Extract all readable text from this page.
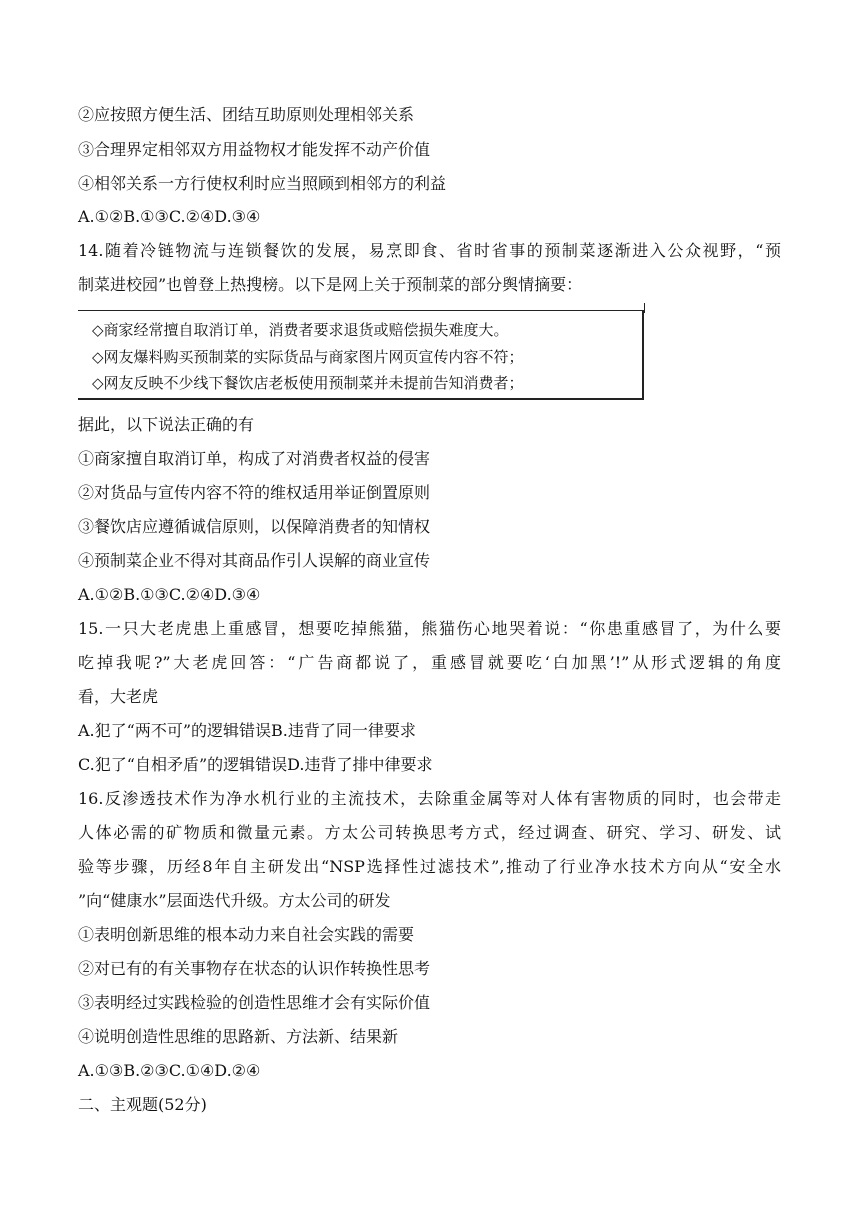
②应按照方便生活、团结互助原则处理相邻关系
③合理界定相邻双方用益物权才能发挥不动产价值
④相邻关系一方行使权利时应当照顾到相邻方的利益
A.①②B.①③C.②④D.③④
14.随着冷链物流与连锁餐饮的发展，易烹即食、省时省事的预制菜逐渐进入公众视野，“预
制菜进校园”也曾登上热搜榜。以下是网上关于预制菜的部分舆情摘要：
◇商家经常擅自取消订单，消费者要求退货或赔偿损失难度大。
◇网友爆料购买预制菜的实际货品与商家图片网页宣传内容不符；
◇网友反映不少线下餐饮店老板使用预制菜并未提前告知消费者；
据此，以下说法正确的有
①商家擅自取消订单，构成了对消费者权益的侵害
②对货品与宣传内容不符的维权适用举证倒置原则
③餐饮店应遵循诚信原则，以保障消费者的知情权
④预制菜企业不得对其商品作引人误解的商业宣传
A.①②B.①③C.②④D.③④
15.一只大老虎患上重感冒，想要吃掉熊猫，熊猫伤心地哭着说：“你患重感冒了，为什么要
吃掉我呢?”大老虎回答：“广告商都说了，重感冒就要吃‘白加黑’!”从形式逻辑的角度
看，大老虎
A.犯了“两不可”的逻辑错误B.违背了同一律要求
C.犯了“自相矛盾”的逻辑错误D.违背了排中律要求
16.反渗透技术作为净水机行业的主流技术，去除重金属等对人体有害物质的同时，也会带走
人体必需的矿物质和微量元素。方太公司转换思考方式，经过调查、研究、学习、研发、试
验等步骤，历经8年自主研发出“NSP选择性过滤技术”,推动了行业净水技术方向从“安全水
”向“健康水”层面迭代升级。方太公司的研发
①表明创新思维的根本动力来自社会实践的需要
②对已有的有关事物存在状态的认识作转换性思考
③表明经过实践检验的创造性思维才会有实际价值
④说明创造性思维的思路新、方法新、结果新
A.①③B.②③C.①④D.②④
二、主观题(52分)
